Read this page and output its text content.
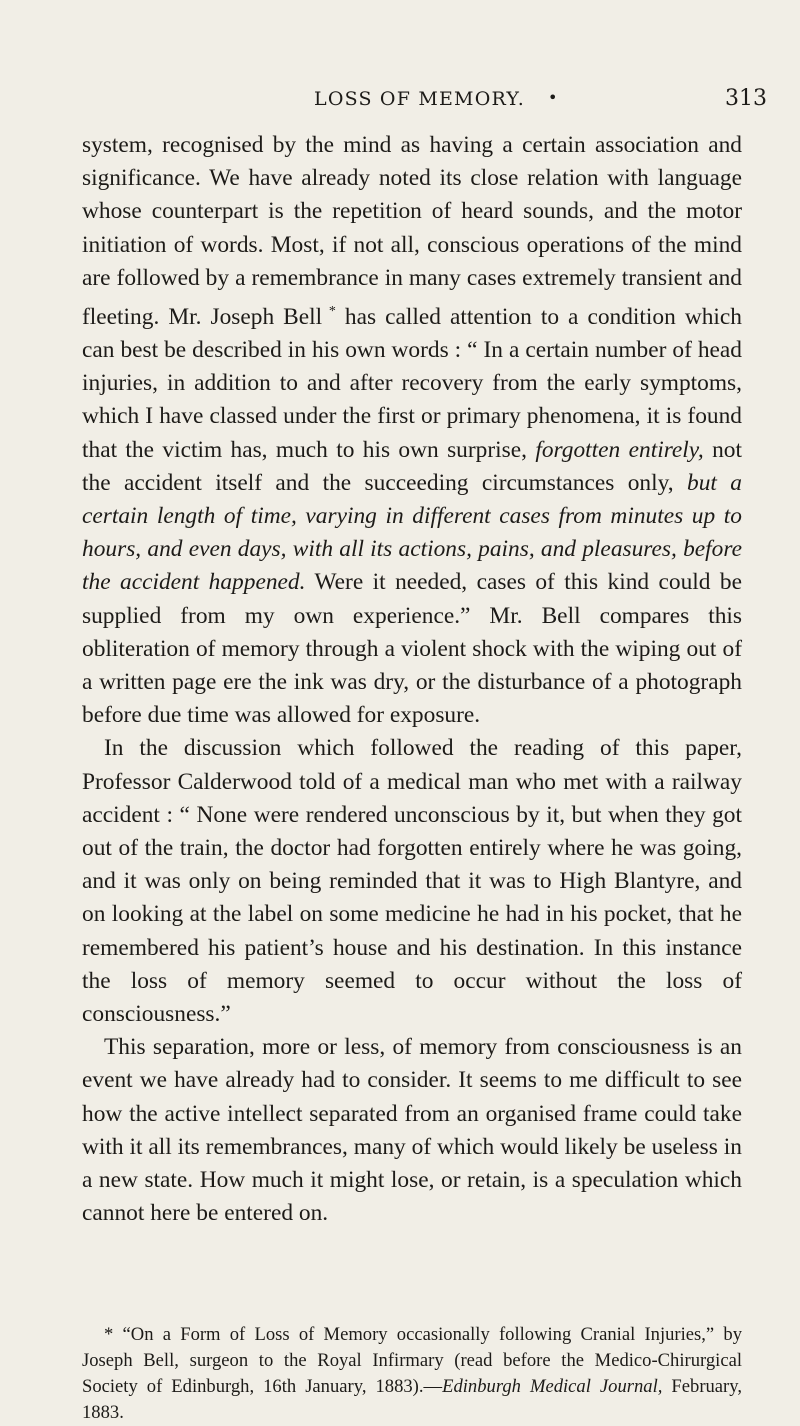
LOSS OF MEMORY. •	313

system, recognised by the mind as having a certain association and significance. We have already noted its close relation with language whose counterpart is the repetition of heard sounds, and the motor initiation of words. Most, if not all, conscious operations of the mind are followed by a remembrance in many cases extremely transient and fleeting. Mr. Joseph Bell * has called attention to a condition which can best be described in his own words : “ In a certain number of head injuries, in addition to and after recovery from the early symptoms, which I have classed under the first or primary phenomena, it is found that the victim has, much to his own surprise, forgotten entirely, not the accident itself and the succeeding circumstances only, but a certain length of time, varying in different cases from minutes up to hours, and even days, with all its actions, pains, and pleasures, before the accident happened. Were it needed, cases of this kind could be supplied from my own experience.” Mr. Bell compares this obliteration of memory through a violent shock with the wiping out of a written page ere the ink was dry, or the disturbance of a photograph before due time was allowed for exposure.

In the discussion which followed the reading of this paper, Professor Calderwood told of a medical man who met with a railway accident : “ None were rendered unconscious by it, but when they got out of the train, the doctor had forgotten entirely where he was going, and it was only on being reminded that it was to High Blantyre, and on looking at the label on some medicine he had in his pocket, that he remembered his patient’s house and his destination. In this instance the loss of memory seemed to occur without the loss of consciousness.”

This separation, more or less, of memory from consciousness is an event we have already had to consider. It seems to me difficult to see how the active intellect separated from an organised frame could take with it all its remembrances, many of which would likely be useless in a new state. How much it might lose, or retain, is a speculation which cannot here be entered on.

* “On a Form of Loss of Memory occasionally following Cranial Injuries,” by Joseph Bell, surgeon to the Royal Infirmary (read before the Medico-Chirurgical Society of Edinburgh, 16th January, 1883).—Edinburgh Medical Journal, February, 1883.
